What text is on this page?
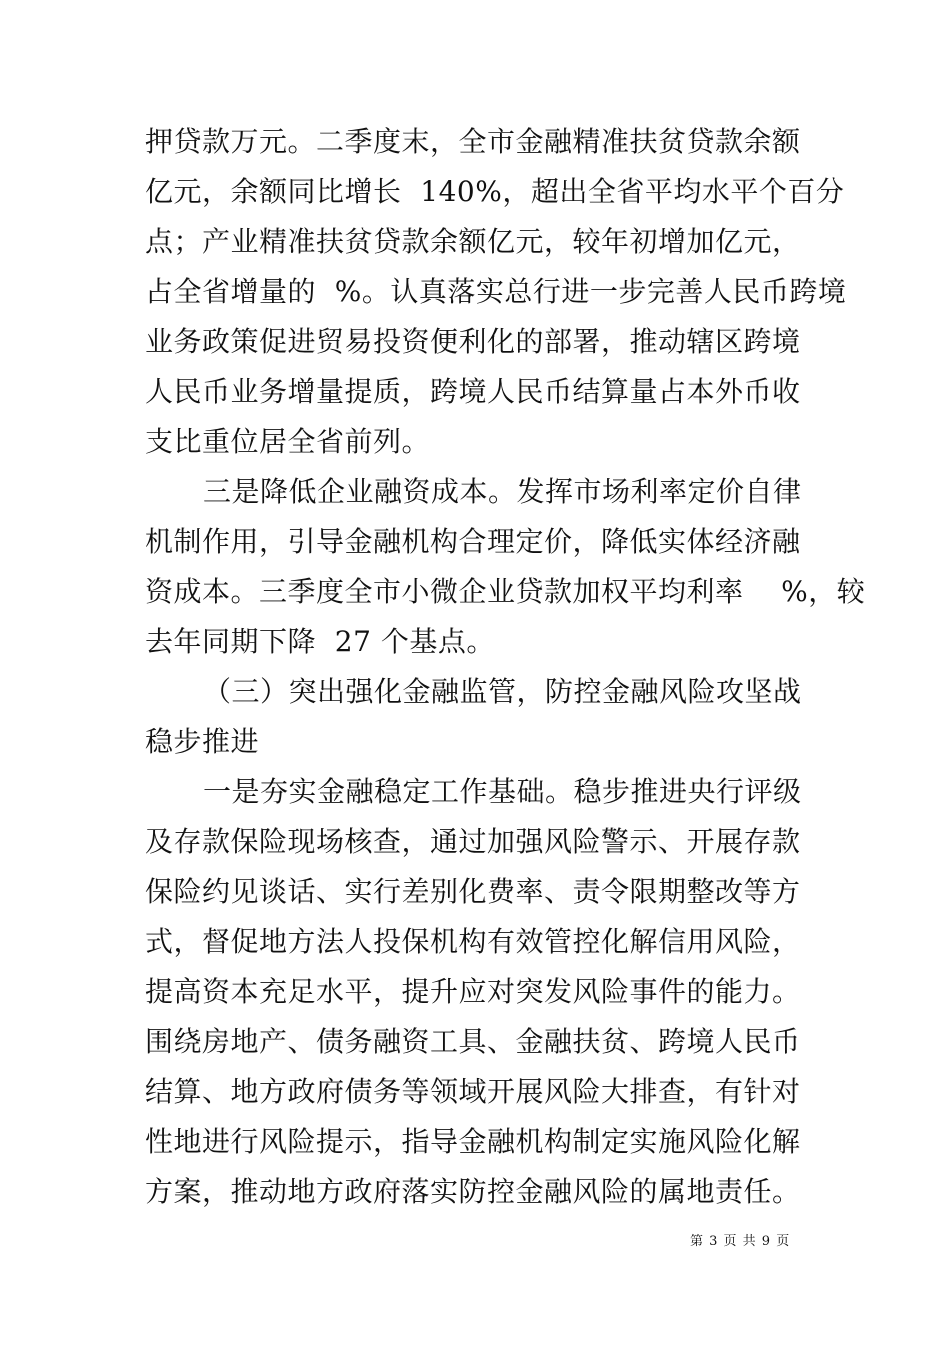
押贷款万元。二季度末，全市金融精准扶贫贷款余额
亿元，余额同比增长  140%，超出全省平均水平个百分
点；产业精准扶贫贷款余额亿元，较年初增加亿元，
占全省增量的  %。认真落实总行进一步完善人民币跨境
业务政策促进贸易投资便利化的部署，推动辖区跨境
人民币业务增量提质，跨境人民币结算量占本外币收
支比重位居全省前列。
三是降低企业融资成本。发挥市场利率定价自律
机制作用，引导金融机构合理定价，降低实体经济融
资成本。三季度全市小微企业贷款加权平均利率    %，较
去年同期下降  27 个基点。
（三）突出强化金融监管，防控金融风险攻坚战
稳步推进
一是夯实金融稳定工作基础。稳步推进央行评级
及存款保险现场核查，通过加强风险警示、开展存款
保险约见谈话、实行差别化费率、责令限期整改等方
式，督促地方法人投保机构有效管控化解信用风险，
提高资本充足水平，提升应对突发风险事件的能力。
围绕房地产、债务融资工具、金融扶贫、跨境人民币
结算、地方政府债务等领域开展风险大排查，有针对
性地进行风险提示，指导金融机构制定实施风险化解
方案，推动地方政府落实防控金融风险的属地责任。
第 3 页 共 9 页
